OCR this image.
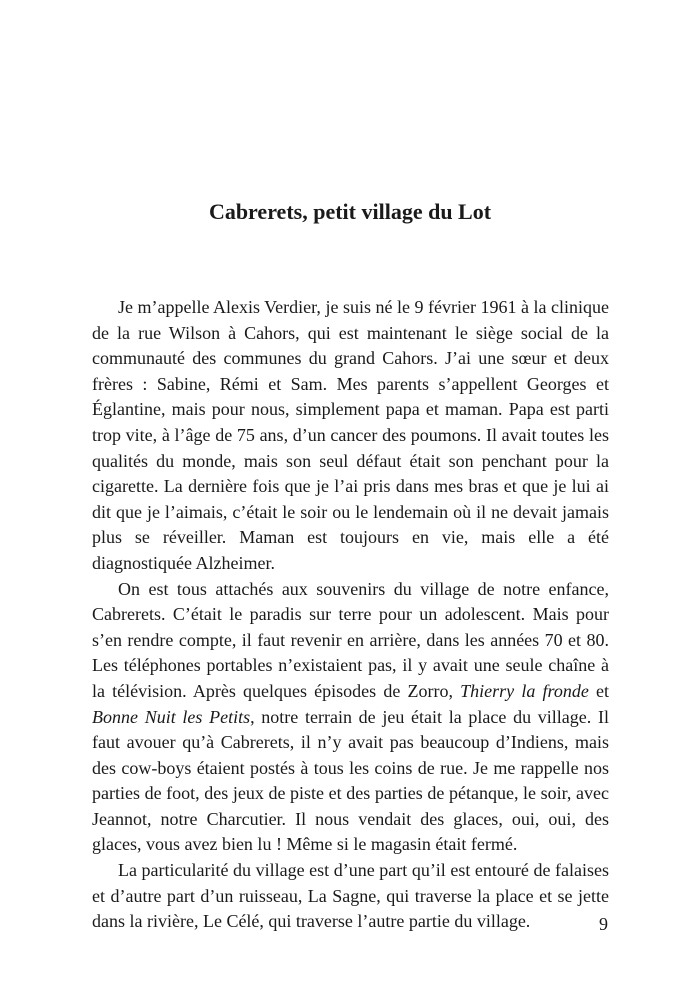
Cabrerets, petit village du Lot

Je m’appelle Alexis Verdier, je suis né le 9 février 1961 à la clinique de la rue Wilson à Cahors, qui est maintenant le siège social de la communauté des communes du grand Cahors. J’ai une sœur et deux frères : Sabine, Rémi et Sam. Mes parents s’appellent Georges et Églantine, mais pour nous, simplement papa et maman. Papa est parti trop vite, à l’âge de 75 ans, d’un cancer des poumons. Il avait toutes les qualités du monde, mais son seul défaut était son penchant pour la cigarette. La dernière fois que je l’ai pris dans mes bras et que je lui ai dit que je l’aimais, c’était le soir ou le lendemain où il ne devait jamais plus se réveiller. Maman est toujours en vie, mais elle a été diagnostiquée Alzheimer.

On est tous attachés aux souvenirs du village de notre enfance, Cabrerets. C’était le paradis sur terre pour un adolescent. Mais pour s’en rendre compte, il faut revenir en arrière, dans les années 70 et 80. Les téléphones portables n’existaient pas, il y avait une seule chaîne à la télévision. Après quelques épisodes de Zorro, Thierry la fronde et Bonne Nuit les Petits, notre terrain de jeu était la place du village. Il faut avouer qu’à Cabrerets, il n’y avait pas beaucoup d’Indiens, mais des cow-boys étaient postés à tous les coins de rue. Je me rappelle nos parties de foot, des jeux de piste et des parties de pétanque, le soir, avec Jeannot, notre Charcutier. Il nous vendait des glaces, oui, oui, des glaces, vous avez bien lu ! Même si le magasin était fermé.

La particularité du village est d’une part qu’il est entouré de falaises et d’autre part d’un ruisseau, La Sagne, qui traverse la place et se jette dans la rivière, Le Célé, qui traverse l’autre partie du village.	9
